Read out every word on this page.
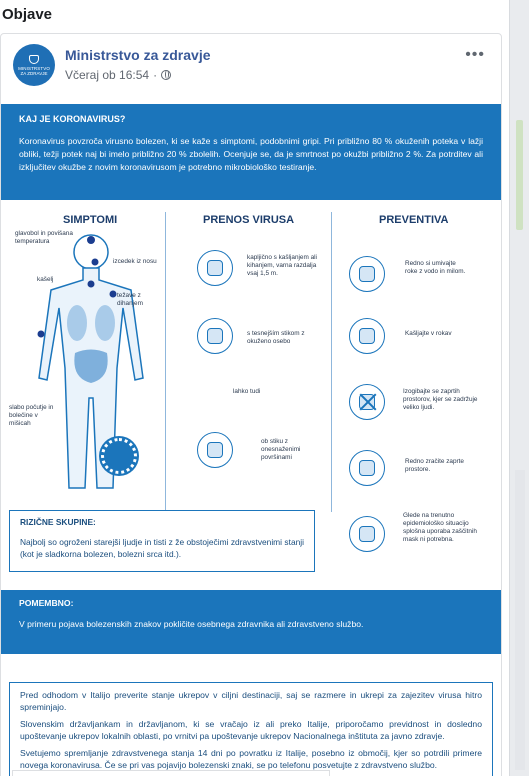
Objave
MINISTRSTVO
ZA ZDRAVJE
Ministrstvo za zdravje
Včeraj ob 16:54 ·
•••
KAJ JE KORONAVIRUS?
Koronavirus povzroča virusno bolezen, ki se kaže s simptomi, podobnimi gripi. Pri približno 80 % okuženih poteka v lažji obliki, težji potek naj bi imelo približno 20 % zbolelih. Ocenjuje se, da je smrtnost po okužbi približno 2 %. Za potrditev ali izključitev okužbe z novim koronavirusom je potrebno mikrobiološko testiranje.
SIMPTOMI	PRENOS VIRUSA	PREVENTIVA
glavobol in povišana temperatura
izcedek iz nosu
kašelj
težave z dihanjem
slabo počutje in bolečine v mišicah
kapljično s kašljanjem ali kihanjem, varna razdalja vsaj 1,5 m.
s tesnejším stikom z okuženo osebo
lahko tudi
ob stiku z onesnaženimi površinami
Redno si umivajte roke z vodo in milom.
Kašljajte v rokav
Izogibajte se zaprtih prostorov, kjer se zadržuje veliko ljudi.
Redno zračite zaprte prostore.
Glede na trenutno epidemiološko situacijo splošna uporaba zaščitnih mask ni potrebna.
RIZIČNE SKUPINE:
Najbolj so ogroženi starejši ljudje in tisti z že obstoječimi zdravstvenimi stanji (kot je sladkorna bolezen, bolezni srca itd.).
POMEMBNO:
V primeru pojava bolezenskih znakov pokličite osebnega zdravnika ali zdravstveno službo.
Pred odhodom v Italijo preverite stanje ukrepov v ciljni destinaciji, saj se razmere in ukrepi za zajezitev virusa hitro spreminjajo.
Slovenskim državljankam in državljanom, ki se vračajo iz ali preko Italije, priporočamo previdnost in dosledno upoštevanje ukrepov lokalnih oblasti, po vrnitvi pa upoštevanje ukrepov Nacionalnega inštituta za javno zdravje.
Svetujemo spremljanje zdravstvenega stanja 14 dni po povratku iz Italije, posebno iz območij, kjer so potrdili primere novega koronavirusa. Če se pri vas pojavijo bolezenski znaki, se po telefonu posvetujte z zdravstveno službo.
